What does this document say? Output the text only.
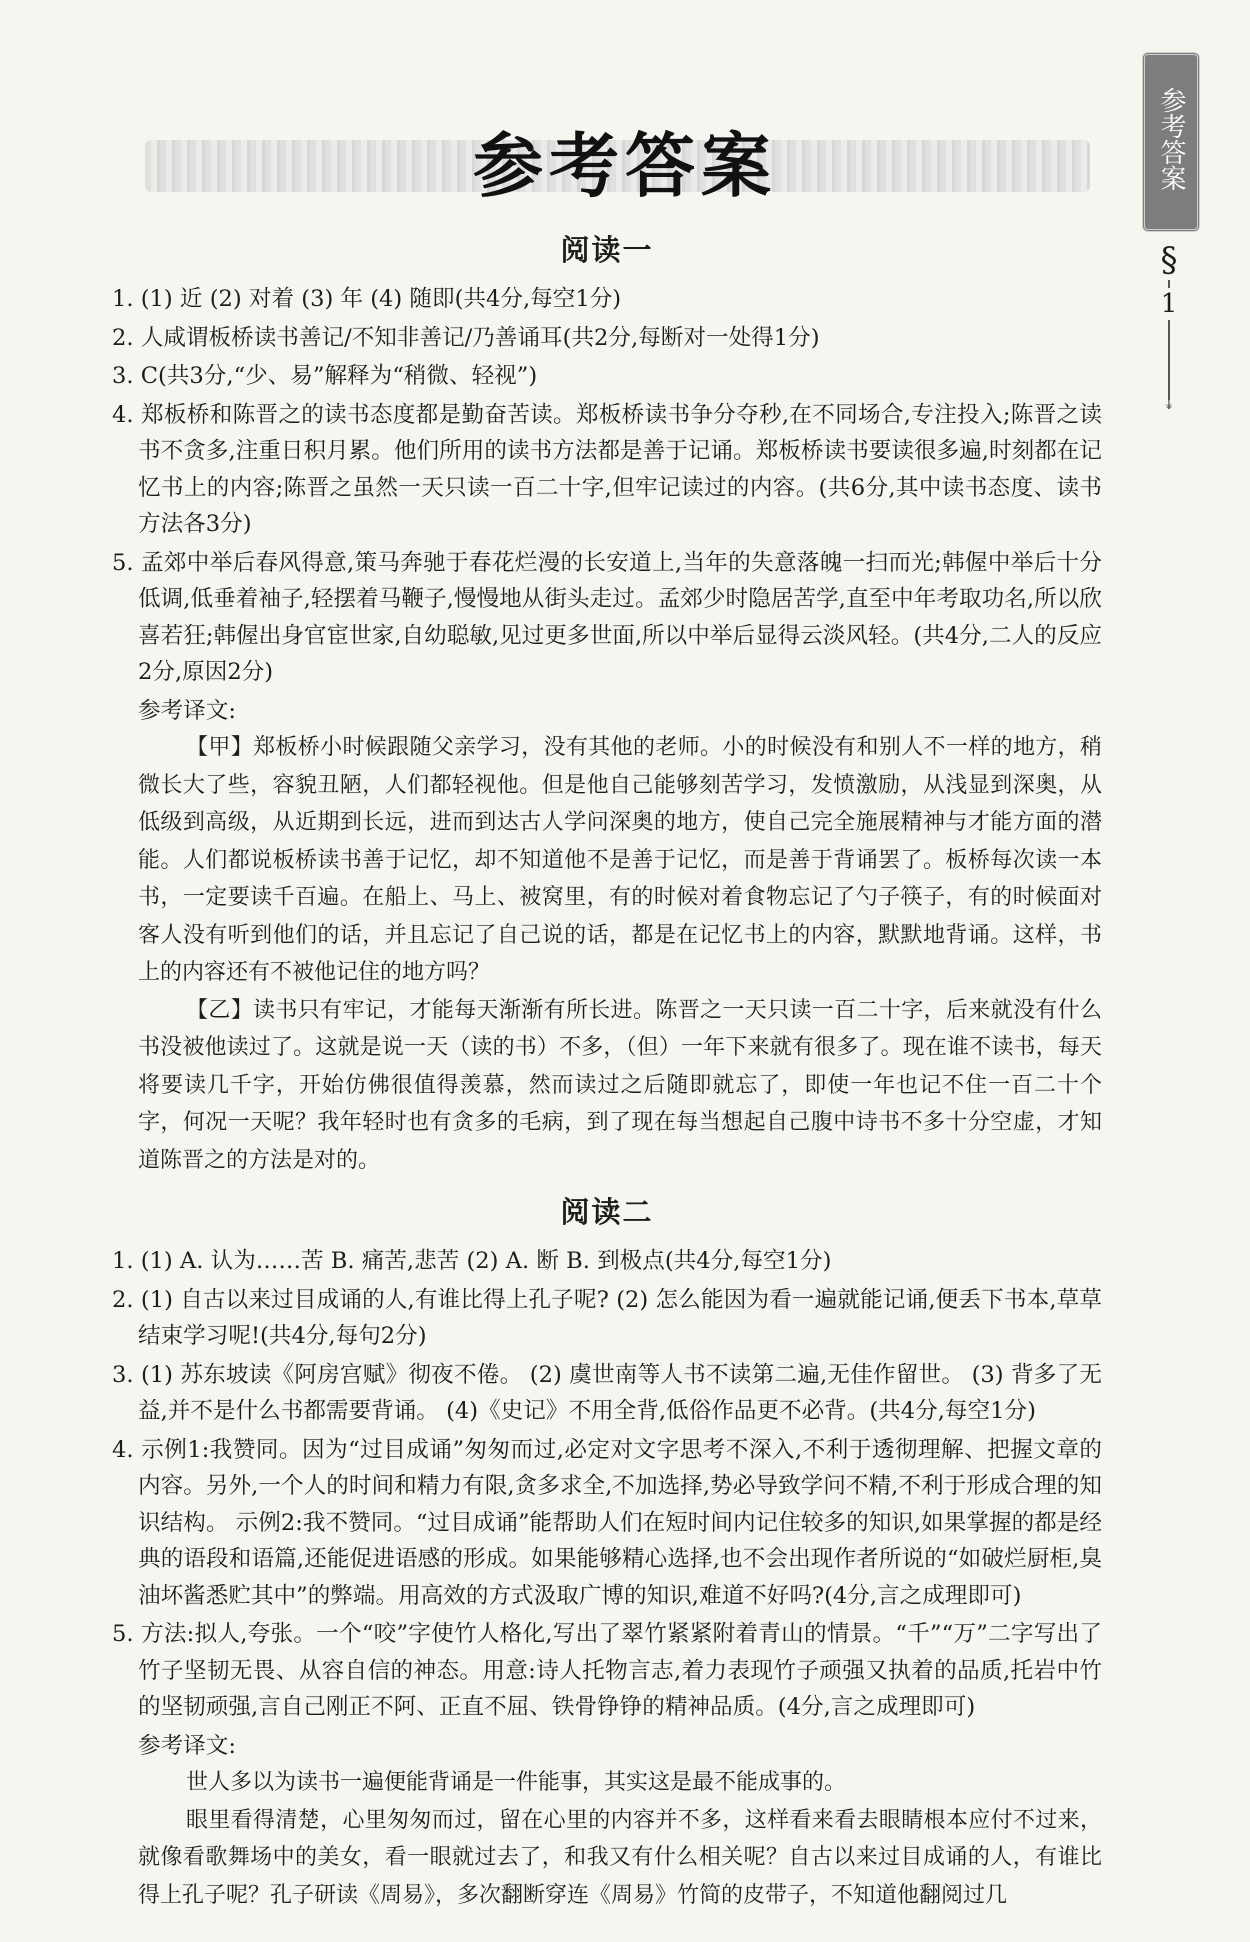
参考答案	参考答案
§
1
↡
阅读一

1. (1) 近 (2) 对着 (3) 年 (4) 随即(共4分,每空1分)

2. 人咸谓板桥读书善记/不知非善记/乃善诵耳(共2分,每断对一处得1分)

3. C(共3分,“少、易”解释为“稍微、轻视”)

4. 郑板桥和陈晋之的读书态度都是勤奋苦读。郑板桥读书争分夺秒,在不同场合,专注投入;陈晋之读书不贪多,注重日积月累。他们所用的读书方法都是善于记诵。郑板桥读书要读很多遍,时刻都在记忆书上的内容;陈晋之虽然一天只读一百二十字,但牢记读过的内容。(共6分,其中读书态度、读书方法各3分)

5. 孟郊中举后春风得意,策马奔驰于春花烂漫的长安道上,当年的失意落魄一扫而光;韩偓中举后十分低调,低垂着袖子,轻摆着马鞭子,慢慢地从街头走过。孟郊少时隐居苦学,直至中年考取功名,所以欣喜若狂;韩偓出身官宦世家,自幼聪敏,见过更多世面,所以中举后显得云淡风轻。(共4分,二人的反应2分,原因2分)

参考译文:

【甲】郑板桥小时候跟随父亲学习，没有其他的老师。小的时候没有和别人不一样的地方，稍微长大了些，容貌丑陋，人们都轻视他。但是他自己能够刻苦学习，发愤激励，从浅显到深奥，从低级到高级，从近期到长远，进而到达古人学问深奥的地方，使自己完全施展精神与才能方面的潜能。人们都说板桥读书善于记忆，却不知道他不是善于记忆，而是善于背诵罢了。板桥每次读一本书，一定要读千百遍。在船上、马上、被窝里，有的时候对着食物忘记了勺子筷子，有的时候面对客人没有听到他们的话，并且忘记了自己说的话，都是在记忆书上的内容，默默地背诵。这样，书上的内容还有不被他记住的地方吗？

【乙】读书只有牢记，才能每天渐渐有所长进。陈晋之一天只读一百二十字，后来就没有什么书没被他读过了。这就是说一天（读的书）不多，（但）一年下来就有很多了。现在谁不读书，每天将要读几千字，开始仿佛很值得羡慕，然而读过之后随即就忘了，即使一年也记不住一百二十个字，何况一天呢？我年轻时也有贪多的毛病，到了现在每当想起自己腹中诗书不多十分空虚，才知道陈晋之的方法是对的。

阅读二

1. (1) A. 认为……苦 B. 痛苦,悲苦 (2) A. 断 B. 到极点(共4分,每空1分)

2. (1) 自古以来过目成诵的人,有谁比得上孔子呢? (2) 怎么能因为看一遍就能记诵,便丢下书本,草草结束学习呢!(共4分,每句2分)

3. (1) 苏东坡读《阿房宫赋》彻夜不倦。 (2) 虞世南等人书不读第二遍,无佳作留世。 (3) 背多了无益,并不是什么书都需要背诵。 (4)《史记》不用全背,低俗作品更不必背。(共4分,每空1分)

4. 示例1:我赞同。因为“过目成诵”匆匆而过,必定对文字思考不深入,不利于透彻理解、把握文章的内容。另外,一个人的时间和精力有限,贪多求全,不加选择,势必导致学问不精,不利于形成合理的知识结构。 示例2:我不赞同。“过目成诵”能帮助人们在短时间内记住较多的知识,如果掌握的都是经典的语段和语篇,还能促进语感的形成。如果能够精心选择,也不会出现作者所说的“如破烂厨柜,臭油坏酱悉贮其中”的弊端。用高效的方式汲取广博的知识,难道不好吗?(4分,言之成理即可)

5. 方法:拟人,夸张。一个“咬”字使竹人格化,写出了翠竹紧紧附着青山的情景。“千”“万”二字写出了竹子坚韧无畏、从容自信的神态。用意:诗人托物言志,着力表现竹子顽强又执着的品质,托岩中竹的坚韧顽强,言自己刚正不阿、正直不屈、铁骨铮铮的精神品质。(4分,言之成理即可)

参考译文:

世人多以为读书一遍便能背诵是一件能事，其实这是最不能成事的。

眼里看得清楚，心里匆匆而过，留在心里的内容并不多，这样看来看去眼睛根本应付不过来，就像看歌舞场中的美女，看一眼就过去了，和我又有什么相关呢？自古以来过目成诵的人，有谁比得上孔子呢？孔子研读《周易》，多次翻断穿连《周易》竹简的皮带子，不知道他翻阅过几
